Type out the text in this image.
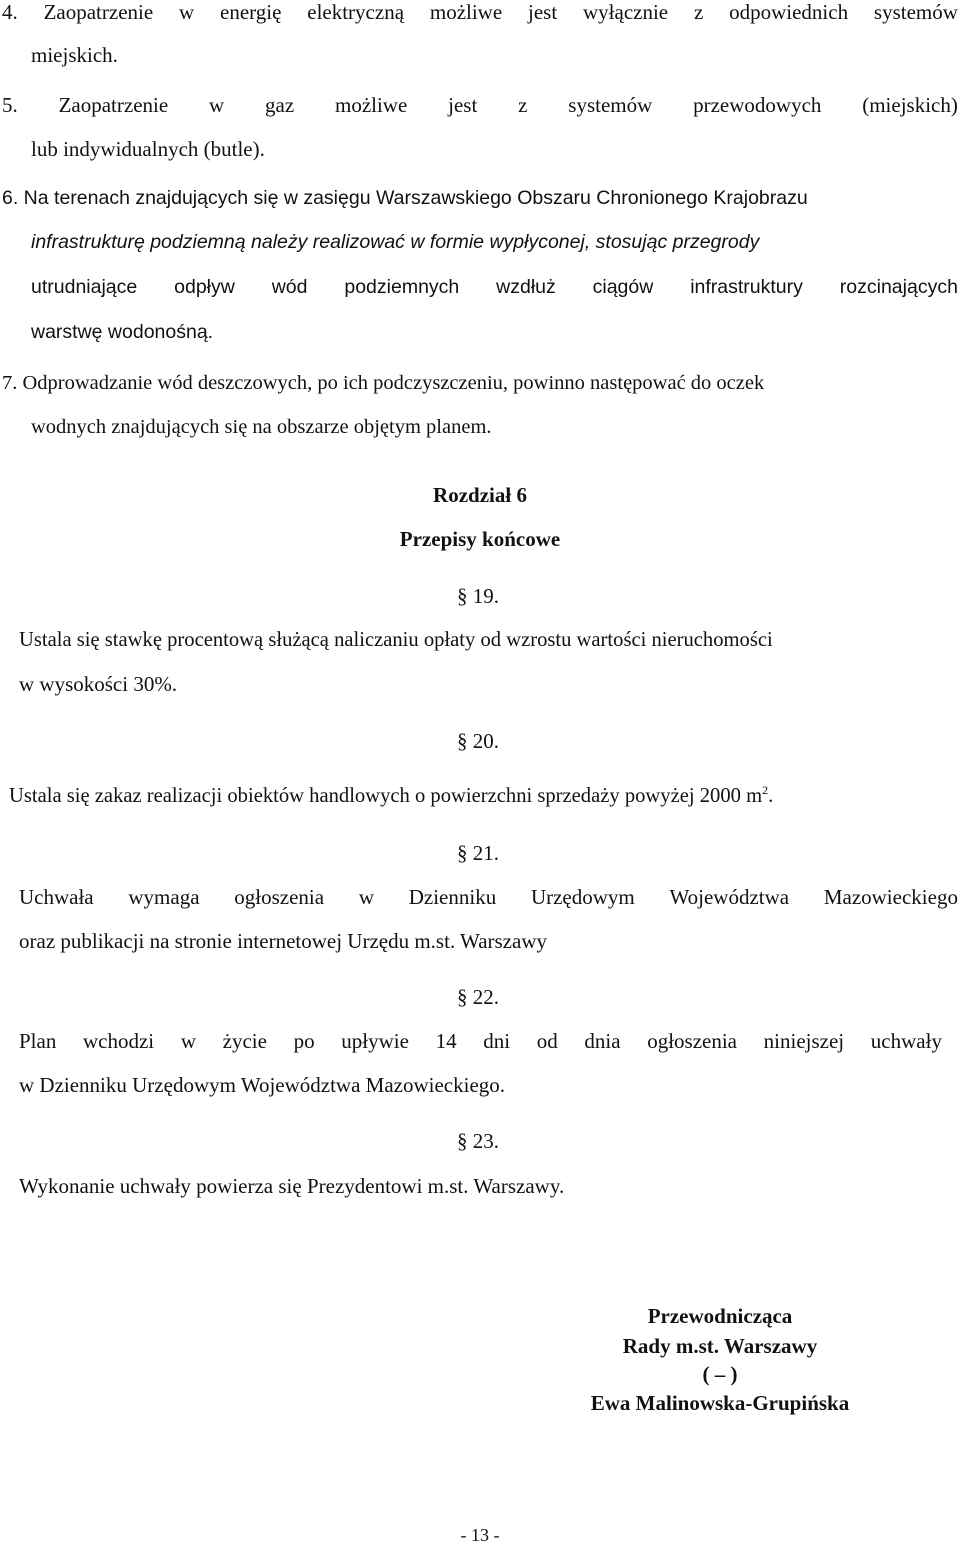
4. Zaopatrzenie w energię elektryczną możliwe jest wyłącznie z odpowiednich systemów
miejskich.
5. Zaopatrzenie w gaz możliwe jest z systemów przewodowych (miejskich)
lub indywidualnych (butle).
6. Na terenach znajdujących się w zasięgu Warszawskiego Obszaru Chronionego Krajobrazu
infrastrukturę podziemną należy realizować w formie wypłyconej, stosując przegrody
utrudniające odpływ wód podziemnych wzdłuż ciągów infrastruktury rozcinających
warstwę wodonośną.
7. Odprowadzanie wód deszczowych, po ich podczyszczeniu, powinno następować do oczek
wodnych znajdujących się na obszarze objętym planem.
Rozdział 6
Przepisy końcowe
§ 19.
Ustala się stawkę procentową służącą naliczaniu opłaty od wzrostu wartości nieruchomości
w wysokości 30%.
§ 20.
Ustala się zakaz realizacji obiektów handlowych o powierzchni sprzedaży powyżej 2000 $m^2$.
§ 21.
Uchwała wymaga ogłoszenia w Dzienniku Urzędowym Województwa Mazowieckiego
oraz publikacji na stronie internetowej Urzędu m.st. Warszawy
§ 22.
Plan wchodzi w życie po upływie 14 dni od dnia ogłoszenia niniejszej uchwały
w Dzienniku Urzędowym Województwa Mazowieckiego.
§ 23.
Wykonanie uchwały powierza się Prezydentowi m.st. Warszawy.
Przewodnicząca
Rady m.st. Warszawy
( – )
Ewa Malinowska-Grupińska
- 13 -
